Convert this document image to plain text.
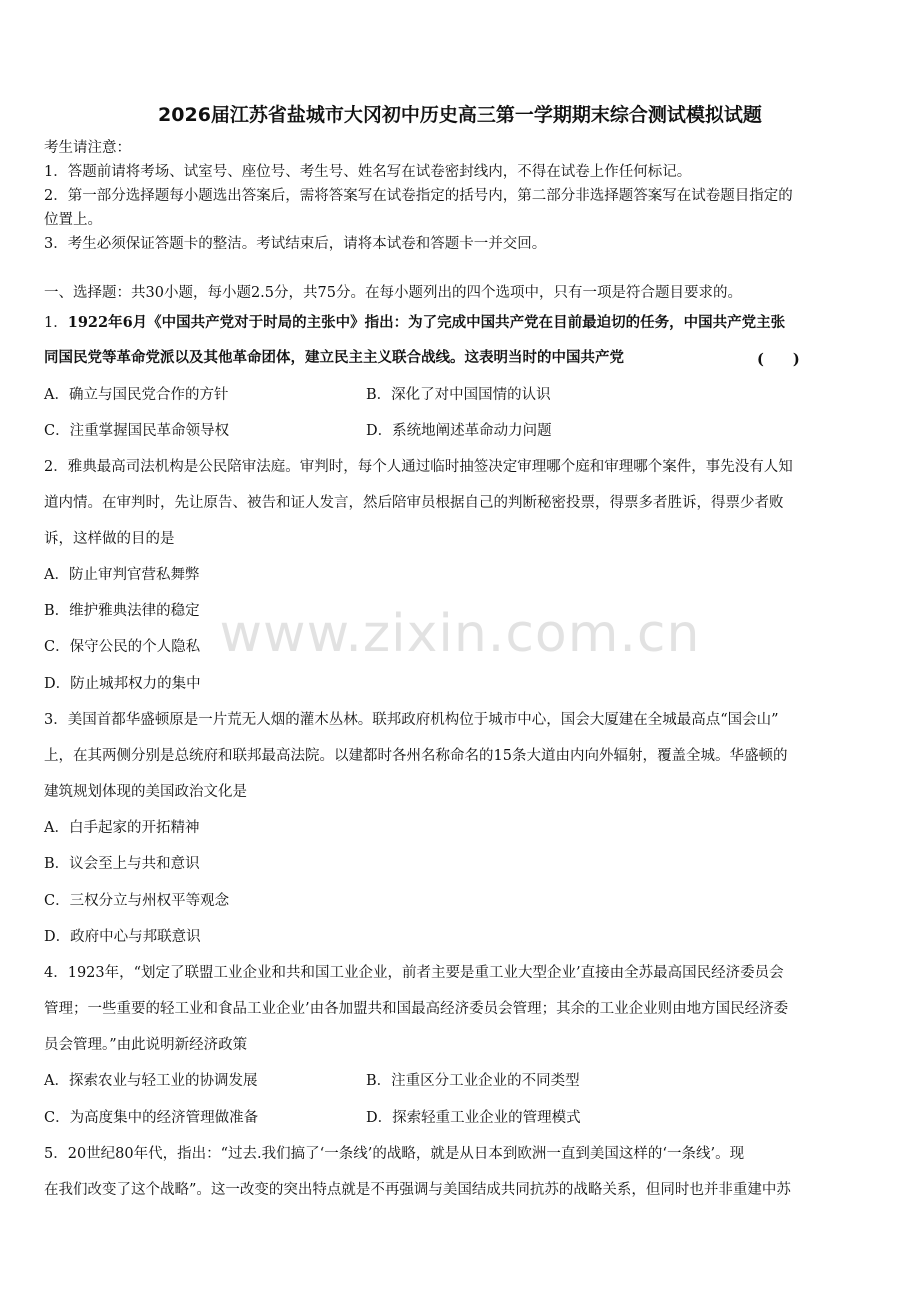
2026届江苏省盐城市大冈初中历史高三第一学期期末综合测试模拟试题
考生请注意：
1．答题前请将考场、试室号、座位号、考生号、姓名写在试卷密封线内，不得在试卷上作任何标记。
2．第一部分选择题每小题选出答案后，需将答案写在试卷指定的括号内，第二部分非选择题答案写在试卷题目指定的
位置上。
3．考生必须保证答题卡的整洁。考试结束后，请将本试卷和答题卡一并交回。
一、选择题：共30小题，每小题2.5分，共75分。在每小题列出的四个选项中，只有一项是符合题目要求的。
1．1922年6月《中国共产党对于时局的主张中》指出：为了完成中国共产党在目前最迫切的任务，中国共产党主张
同国民党等革命党派以及其他革命团体，建立民主主义联合战线。这表明当时的中国共产党	(　　)
A．确立与国民党合作的方针	B．深化了对中国国情的认识
C．注重掌握国民革命领导权	D．系统地阐述革命动力问题
2．雅典最高司法机构是公民陪审法庭。审判时，每个人通过临时抽签决定审理哪个庭和审理哪个案件，事先没有人知
道内情。在审判时，先让原告、被告和证人发言，然后陪审员根据自己的判断秘密投票，得票多者胜诉，得票少者败
诉，这样做的目的是
A．防止审判官营私舞弊
B．维护雅典法律的稳定
C．保守公民的个人隐私
D．防止城邦权力的集中
3．美国首都华盛顿原是一片荒无人烟的灌木丛林。联邦政府机构位于城市中心，国会大厦建在全城最高点“国会山”
上，在其两侧分别是总统府和联邦最高法院。以建都时各州名称命名的15条大道由内向外辐射，覆盖全城。华盛顿的
建筑规划体现的美国政治文化是
A．白手起家的开拓精神
B．议会至上与共和意识
C．三权分立与州权平等观念
D．政府中心与邦联意识
4．1923年，“划定了联盟工业企业和共和国工业企业，前者主要是重工业大型企业’直接由全苏最高国民经济委员会
管理；一些重要的轻工业和食品工业企业’由各加盟共和国最高经济委员会管理；其余的工业企业则由地方国民经济委
员会管理。”由此说明新经济政策
A．探索农业与轻工业的协调发展	B．注重区分工业企业的不同类型
C．为高度集中的经济管理做准备	D．探索轻重工业企业的管理模式
5．20世纪80年代，指出：“过去.我们搞了‘一条线’的战略，就是从日本到欧洲一直到美国这样的‘一条线’。现
在我们改变了这个战略”。这一改变的突出特点就是不再强调与美国结成共同抗苏的战略关系，但同时也并非重建中苏
www.zixin.com.cn
